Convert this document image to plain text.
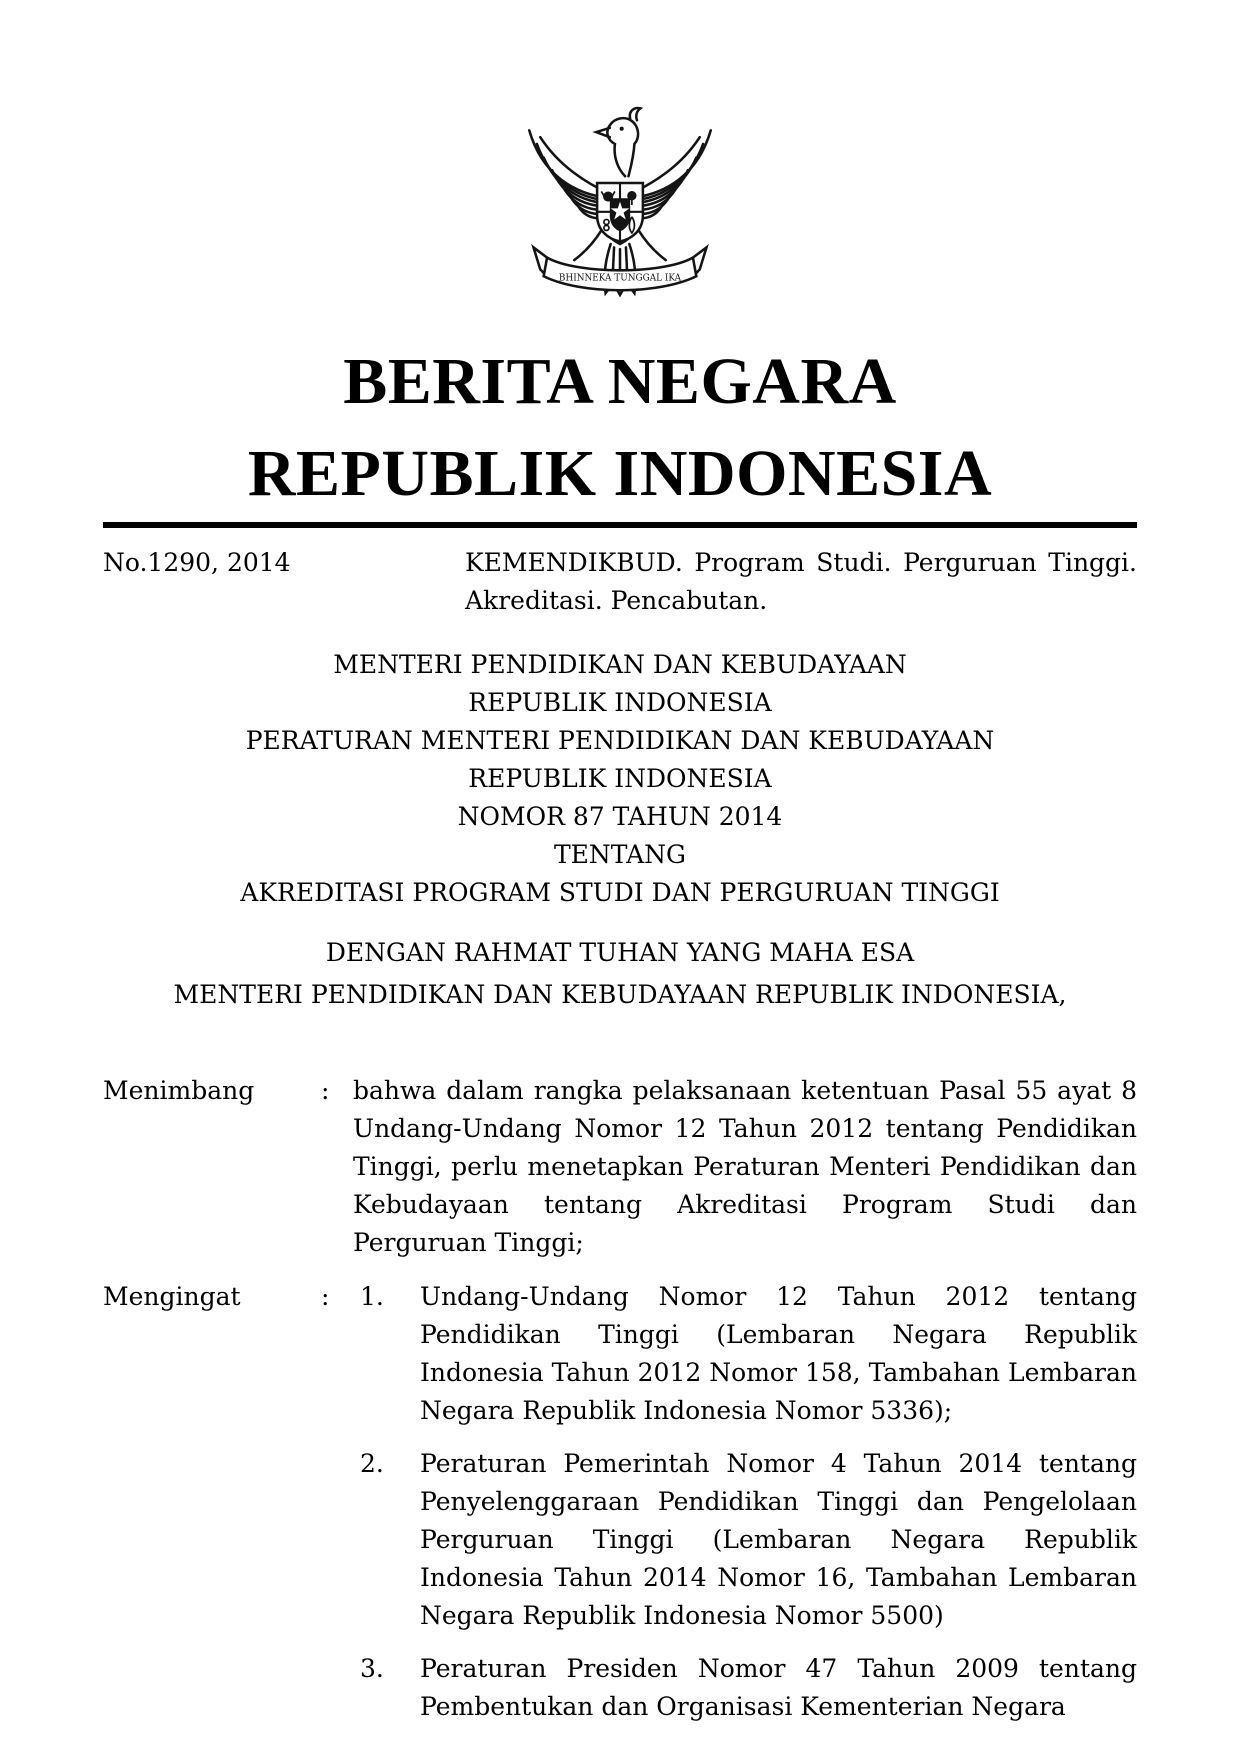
BHINNEKA TUNGGAL IKA
BERITA NEGARA
REPUBLIK INDONESIA
No.1290, 2014	KEMENDIKBUD. Program Studi. Perguruan Tinggi. Akreditasi. Pencabutan.
MENTERI PENDIDIKAN DAN KEBUDAYAAN
REPUBLIK INDONESIA
PERATURAN MENTERI PENDIDIKAN DAN KEBUDAYAAN
REPUBLIK INDONESIA
NOMOR 87 TAHUN 2014
TENTANG
AKREDITASI PROGRAM STUDI DAN PERGURUAN TINGGI
DENGAN RAHMAT TUHAN YANG MAHA ESA
MENTERI PENDIDIKAN DAN KEBUDAYAAN REPUBLIK INDONESIA,
Menimbang	: bahwa dalam rangka pelaksanaan ketentuan Pasal 55 ayat 8 Undang-Undang Nomor 12 Tahun 2012 tentang Pendidikan Tinggi, perlu menetapkan Peraturan Menteri Pendidikan dan Kebudayaan tentang Akreditasi Program Studi dan Perguruan Tinggi;
Mengingat	:	1.	Undang-Undang Nomor 12 Tahun 2012 tentang Pendidikan Tinggi (Lembaran Negara Republik Indonesia Tahun 2012 Nomor 158, Tambahan Lembaran Negara Republik Indonesia Nomor 5336);
2.	Peraturan Pemerintah Nomor 4 Tahun 2014 tentang Penyelenggaraan Pendidikan Tinggi dan Pengelolaan Perguruan Tinggi (Lembaran Negara Republik Indonesia Tahun 2014 Nomor 16, Tambahan Lembaran Negara Republik Indonesia Nomor 5500)
3.	Peraturan Presiden Nomor 47 Tahun 2009 tentang Pembentukan dan Organisasi Kementerian Negara
